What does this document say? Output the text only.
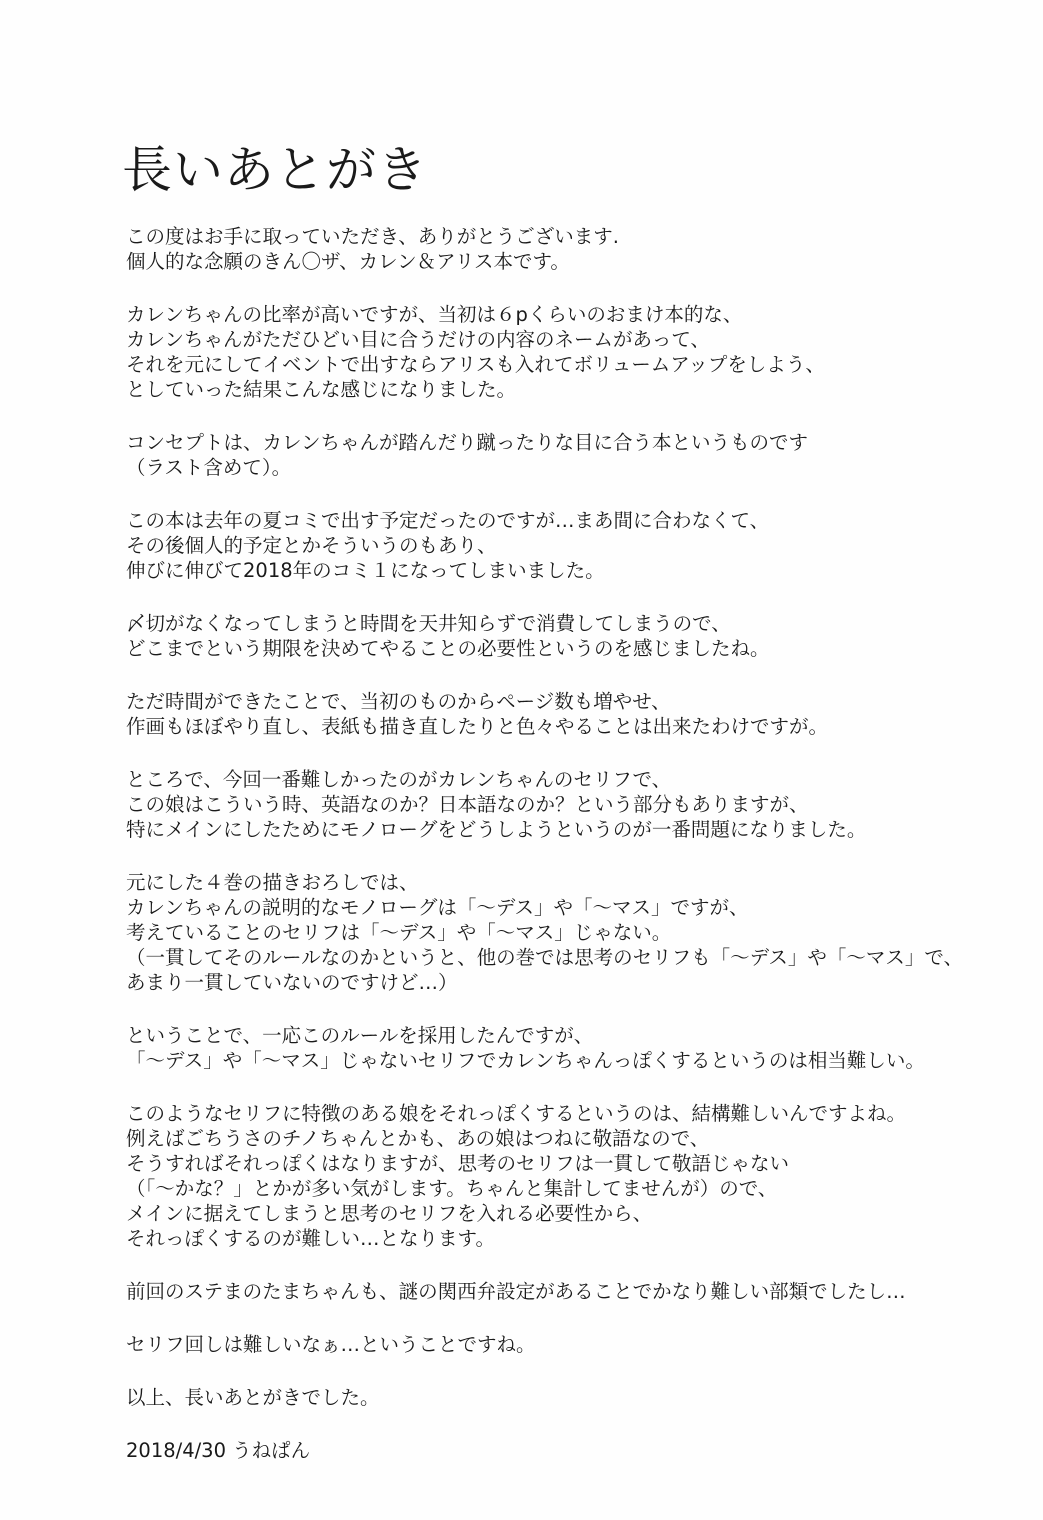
長いあとがき
この度はお手に取っていただき、ありがとうございます.
個人的な念願のきん〇ザ、カレン＆アリス本です。
カレンちゃんの比率が高いですが、当初は６pくらいのおまけ本的な、
カレンちゃんがただひどい目に合うだけの内容のネームがあって、
それを元にしてイベントで出すならアリスも入れてボリュームアップをしよう、
としていった結果こんな感じになりました。
コンセプトは、カレンちゃんが踏んだり蹴ったりな目に合う本というものです
（ラスト含めて）。
この本は去年の夏コミで出す予定だったのですが…まあ間に合わなくて、
その後個人的予定とかそういうのもあり、
伸びに伸びて2018年のコミ１になってしまいました。
〆切がなくなってしまうと時間を天井知らずで消費してしまうので、
どこまでという期限を決めてやることの必要性というのを感じましたね。
ただ時間ができたことで、当初のものからページ数も増やせ、
作画もほぼやり直し、表紙も描き直したりと色々やることは出来たわけですが。
ところで、今回一番難しかったのがカレンちゃんのセリフで、
この娘はこういう時、英語なのか？日本語なのか？という部分もありますが、
特にメインにしたためにモノローグをどうしようというのが一番問題になりました。
元にした４巻の描きおろしでは、
カレンちゃんの説明的なモノローグは「〜デス」や「〜マス」ですが、
考えていることのセリフは「〜デス」や「〜マス」じゃない。
（一貫してそのルールなのかというと、他の巻では思考のセリフも「〜デス」や「〜マス」で、
あまり一貫していないのですけど…）
ということで、一応このルールを採用したんですが、
「〜デス」や「〜マス」じゃないセリフでカレンちゃんっぽくするというのは相当難しい。
このようなセリフに特徴のある娘をそれっぽくするというのは、結構難しいんですよね。
例えばごちうさのチノちゃんとかも、あの娘はつねに敬語なので、
そうすればそれっぽくはなりますが、思考のセリフは一貫して敬語じゃない
（「〜かな？」とかが多い気がします。ちゃんと集計してませんが）ので、
メインに据えてしまうと思考のセリフを入れる必要性から、
それっぽくするのが難しい…となります。
前回のステまのたまちゃんも、謎の関西弁設定があることでかなり難しい部類でしたし…
セリフ回しは難しいなぁ…ということですね。
以上、長いあとがきでした。
2018/4/30 うねぱん
